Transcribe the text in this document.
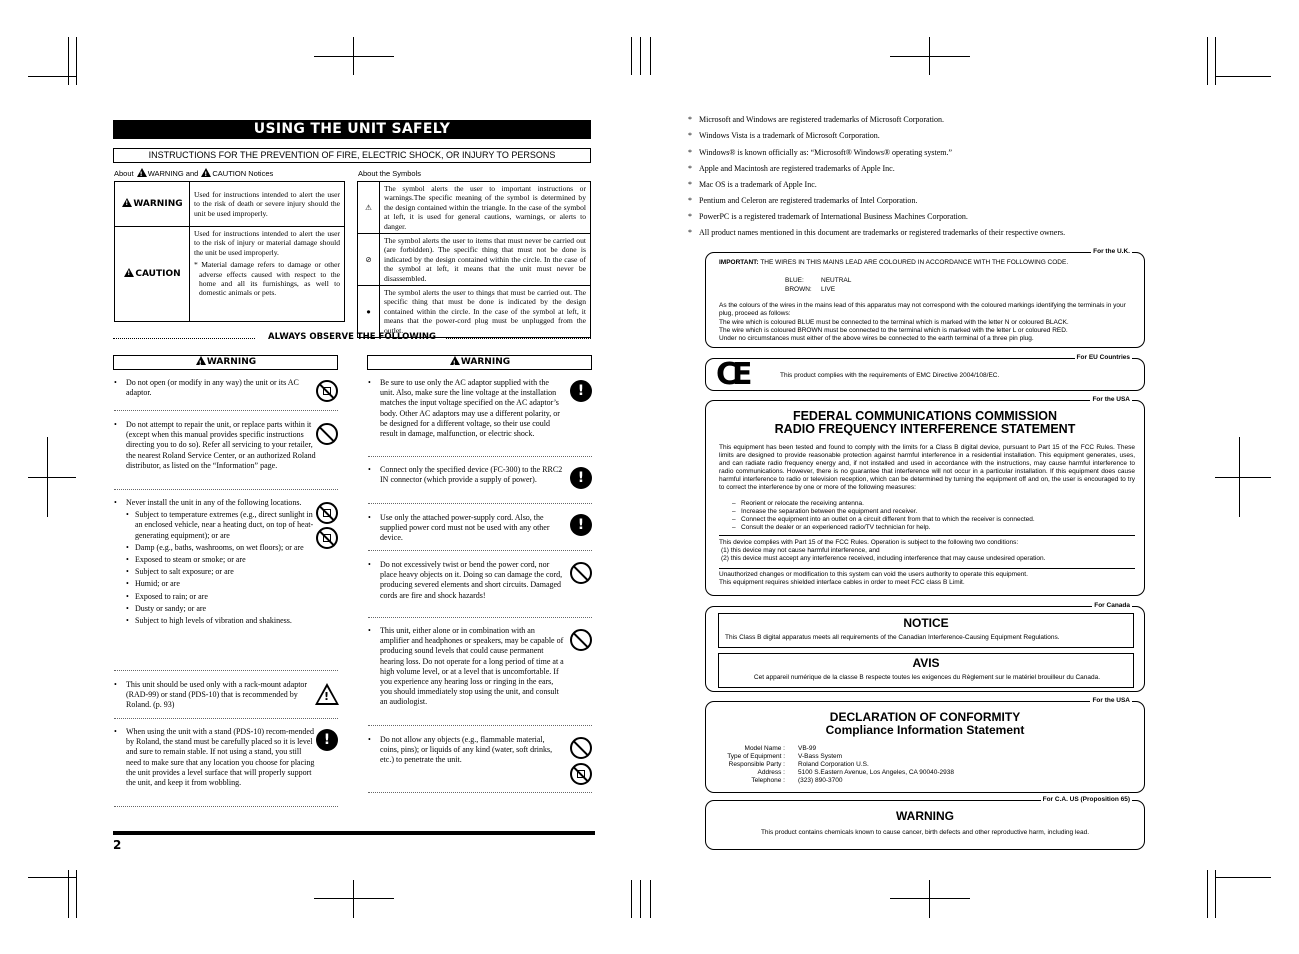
USING THE UNIT SAFELY
INSTRUCTIONS FOR THE PREVENTION OF FIRE, ELECTRIC SHOCK, OR INJURY TO PERSONS
About ! WARNING and ! CAUTION Notices	About the Symbols
!WARNING	Used for instructions intended to alert the user to the risk of death or severe injury should the unit be used improperly.
!CAUTION	Used for instructions intended to alert the user to the risk of injury or material damage should the unit be used improperly.
* Material damage refers to damage or other adverse effects caused with respect to the home and all its furnishings, as well to domestic animals or pets.
⚠	The symbol alerts the user to important instructions or warnings.The specific meaning of the symbol is determined by the design contained within the triangle. In the case of the symbol at left, it is used for general cautions, warnings, or alerts to danger.
⊘	The symbol alerts the user to items that must never be carried out (are forbidden). The specific thing that must not be done is indicated by the design contained within the circle. In the case of the symbol at left, it means that the unit must never be disassembled.
●	The symbol alerts the user to things that must be carried out. The specific thing that must be done is indicated by the design contained within the circle. In the case of the symbol at left, it means that the power-cord plug must be unplugged from the outlet.
ALWAYS OBSERVE THE FOLLOWING
!WARNING !	WARNING
• Do not open (or modify in any way) the unit or its AC adaptor.
• Do not attempt to repair the unit, or replace parts within it (except when this manual provides specific instructions directing you to do so). Refer all servicing to your retailer, the nearest Roland Service Center, or an authorized Roland distributor, as listed on the “Information” page.
• Never install the unit in any of the following locations.
• Subject to temperature extremes (e.g., direct sunlight in an enclosed vehicle, near a heating duct, on top of heat-generating equipment); or are
• Damp (e.g., baths, washrooms, on wet floors); or are
• Exposed to steam or smoke; or are
• Subject to salt exposure; or are
• Humid; or are
• Exposed to rain; or are
• Dusty or sandy; or are
• Subject to high levels of vibration and shakiness.
• This unit should be used only with a rack-mount adaptor (RAD-99) or stand (PDS-10) that is recommended by Roland. (p. 93)
!
• When using the unit with a stand (PDS-10) recom-mended by Roland, the stand must be carefully placed so it is level and sure to remain stable. If not using a stand, you still need to make sure that any location you choose for placing the unit provides a level surface that will properly support the unit, and keep it from wobbling.
!
• Be sure to use only the AC adaptor supplied with the unit. Also, make sure the line voltage at the installation matches the input voltage specified on the AC adaptor’s body. Other AC adaptors may use a different polarity, or be designed for a different voltage, so their use could result in damage, malfunction, or electric shock.
!
• Connect only the specified device (FC-300) to the RRC2 IN connector (which provide a supply of power).	!
• Use only the attached power-supply cord. Also, the supplied power cord must not be used with any other device.
!
• Do not excessively twist or bend the power cord, nor place heavy objects on it. Doing so can damage the cord, producing severed elements and short circuits. Damaged cords are fire and shock hazards!
• This unit, either alone or in combination with an amplifier and headphones or speakers, may be capable of producing sound levels that could cause permanent hearing loss. Do not operate for a long period of time at a high volume level, or at a level that is uncomfortable. If you experience any hearing loss or ringing in the ears, you should immediately stop using the unit, and consult an audiologist.
• Do not allow any objects (e.g., flammable material, coins, pins); or liquids of any kind (water, soft drinks, etc.) to penetrate the unit.
2
* Microsoft and Windows are registered trademarks of Microsoft Corporation.
* Windows Vista is a trademark of Microsoft Corporation.
* Windows® is known officially as: “Microsoft® Windows® operating system.”
* Apple and Macintosh are registered trademarks of Apple Inc.
* Mac OS is a trademark of Apple Inc.
* Pentium and Celeron are registered trademarks of Intel Corporation.
* PowerPC is a registered trademark of International Business Machines Corporation.
* All product names mentioned in this document are trademarks or registered trademarks of their respective owners.
For the U.K.
IMPORTANT: THE WIRES IN THIS MAINS LEAD ARE COLOURED IN ACCORDANCE WITH THE FOLLOWING CODE.
BLUE:	NEUTRAL
BROWN:	LIVE
As the colours of the wires in the mains lead of this apparatus may not correspond with the coloured markings identifying the terminals in your plug, proceed as follows:
The wire which is coloured BLUE must be connected to the terminal which is marked with the letter N or coloured BLACK.
The wire which is coloured BROWN must be connected to the terminal which is marked with the letter L or coloured RED.
Under no circumstances must either of the above wires be connected to the earth terminal of a three pin plug.
For EU Countries
CE	This product complies with the requirements of EMC Directive 2004/108/EC.
For the USA
FEDERAL COMMUNICATIONS COMMISSION
RADIO FREQUENCY INTERFERENCE STATEMENT
This equipment has been tested and found to comply with the limits for a Class B digital device, pursuant to Part 15 of the FCC Rules. These limits are designed to provide reasonable protection against harmful interference in a residential installation. This equipment generates, uses, and can radiate radio frequency energy and, if not installed and used in accordance with the instructions, may cause harmful interference to radio communications. However, there is no guarantee that interference will not occur in a particular installation. If this equipment does cause harmful interference to radio or television reception, which can be determined by turning the equipment off and on, the user is encouraged to try to correct the interference by one or more of the following measures:
–   Reorient or relocate the receiving antenna.
–   Increase the separation between the equipment and receiver.
–   Connect the equipment into an outlet on a circuit different from that to which the receiver is connected.
–   Consult the dealer or an experienced radio/TV technician for help.
This device complies with Part 15 of the FCC Rules. Operation is subject to the following two conditions:
(1) this device may not cause harmful interference, and
(2) this device must accept any interference received, including interference that may cause undesired operation.
Unauthorized changes or modification to this system can void the users authority to operate this equipment.
This equipment requires shielded interface cables in order to meet FCC class B Limit.
For Canada
NOTICE
This Class B digital apparatus meets all requirements of the Canadian Interference-Causing Equipment Regulations.
AVIS
Cet appareil numérique de la classe B respecte toutes les exigences du Règlement sur le matériel brouilleur du Canada.
For the USA
DECLARATION OF CONFORMITY
Compliance Information Statement
Model Name : VB-99
Type of Equipment : V-Bass System
Responsible Party : Roland Corporation U.S.
Address : 5100 S.Eastern Avenue, Los Angeles, CA 90040-2938
Telephone : (323) 890-3700
For C.A. US (Proposition 65)
WARNING
This product contains chemicals known to cause cancer, birth defects and other reproductive harm, including lead.
